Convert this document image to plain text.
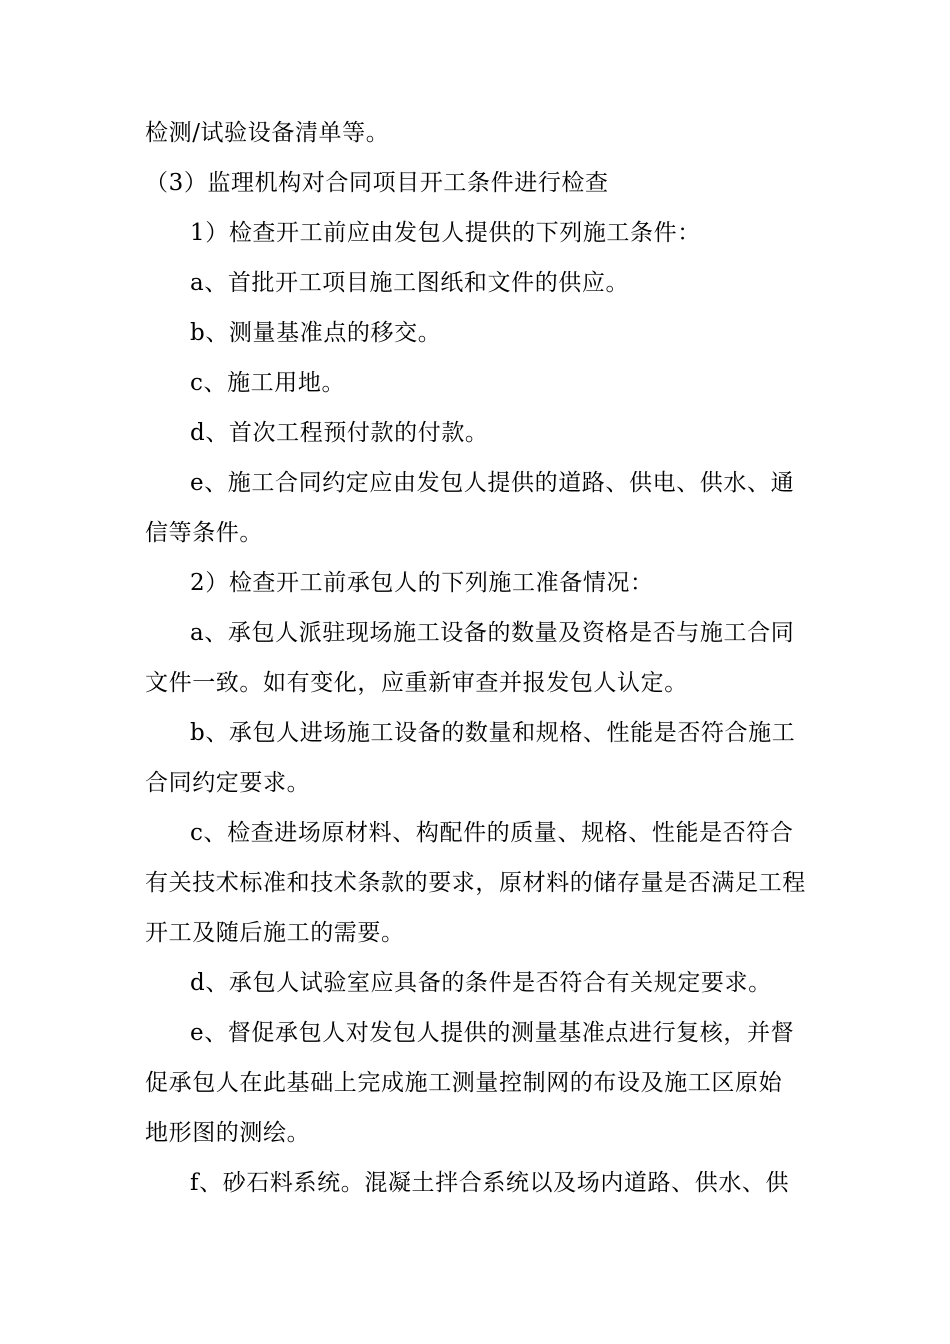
检测/试验设备清单等。
（3）监理机构对合同项目开工条件进行检查
1）检查开工前应由发包人提供的下列施工条件：
a、首批开工项目施工图纸和文件的供应。
b、测量基准点的移交。
c、施工用地。
d、首次工程预付款的付款。
e、施工合同约定应由发包人提供的道路、供电、供水、通
信等条件。
2）检查开工前承包人的下列施工准备情况：
a、承包人派驻现场施工设备的数量及资格是否与施工合同
文件一致。如有变化，应重新审查并报发包人认定。
b、承包人进场施工设备的数量和规格、性能是否符合施工
合同约定要求。
c、检查进场原材料、构配件的质量、规格、性能是否符合
有关技术标准和技术条款的要求，原材料的储存量是否满足工程
开工及随后施工的需要。
d、承包人试验室应具备的条件是否符合有关规定要求。
e、督促承包人对发包人提供的测量基准点进行复核，并督
促承包人在此基础上完成施工测量控制网的布设及施工区原始
地形图的测绘。
f、砂石料系统。混凝土拌合系统以及场内道路、供水、供
